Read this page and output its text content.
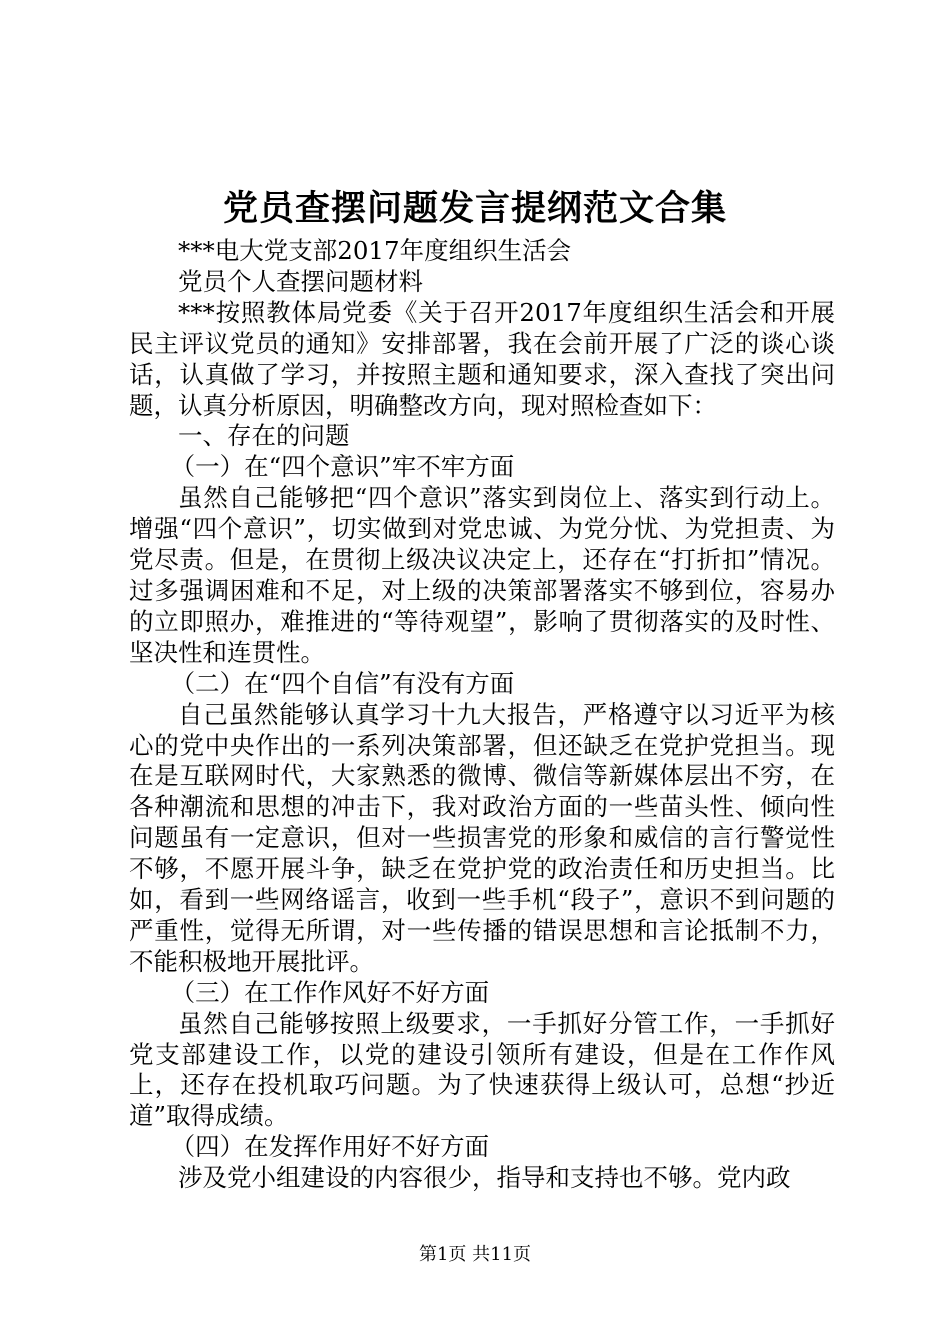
党员查摆问题发言提纲范文合集

***电大党支部2017年度组织生活会

党员个人查摆问题材料

***按照教体局党委《关于召开2017年度组织生活会和开展民主评议党员的通知》安排部署，我在会前开展了广泛的谈心谈话，认真做了学习，并按照主题和通知要求，深入查找了突出问题，认真分析原因，明确整改方向，现对照检查如下：

一、存在的问题

（一）在“四个意识”牢不牢方面

虽然自己能够把“四个意识”落实到岗位上、落实到行动上。增强“四个意识”，切实做到对党忠诚、为党分忧、为党担责、为党尽责。但是，在贯彻上级决议决定上，还存在“打折扣”情况。过多强调困难和不足，对上级的决策部署落实不够到位，容易办的立即照办，难推进的“等待观望”，影响了贯彻落实的及时性、坚决性和连贯性。

（二）在“四个自信”有没有方面

自己虽然能够认真学习十九大报告，严格遵守以习近平为核心的党中央作出的一系列决策部署，但还缺乏在党护党担当。现在是互联网时代，大家熟悉的微博、微信等新媒体层出不穷，在各种潮流和思想的冲击下，我对政治方面的一些苗头性、倾向性问题虽有一定意识，但对一些损害党的形象和威信的言行警觉性不够，不愿开展斗争，缺乏在党护党的政治责任和历史担当。比如，看到一些网络谣言，收到一些手机“段子”，意识不到问题的严重性，觉得无所谓，对一些传播的错误思想和言论抵制不力，不能积极地开展批评。

（三）在工作作风好不好方面

虽然自己能够按照上级要求，一手抓好分管工作，一手抓好党支部建设工作，以党的建设引领所有建设，但是在工作作风上，还存在投机取巧问题。为了快速获得上级认可，总想“抄近道”取得成绩。

（四）在发挥作用好不好方面

涉及党小组建设的内容很少，指导和支持也不够。党内政

第1页 共11页
